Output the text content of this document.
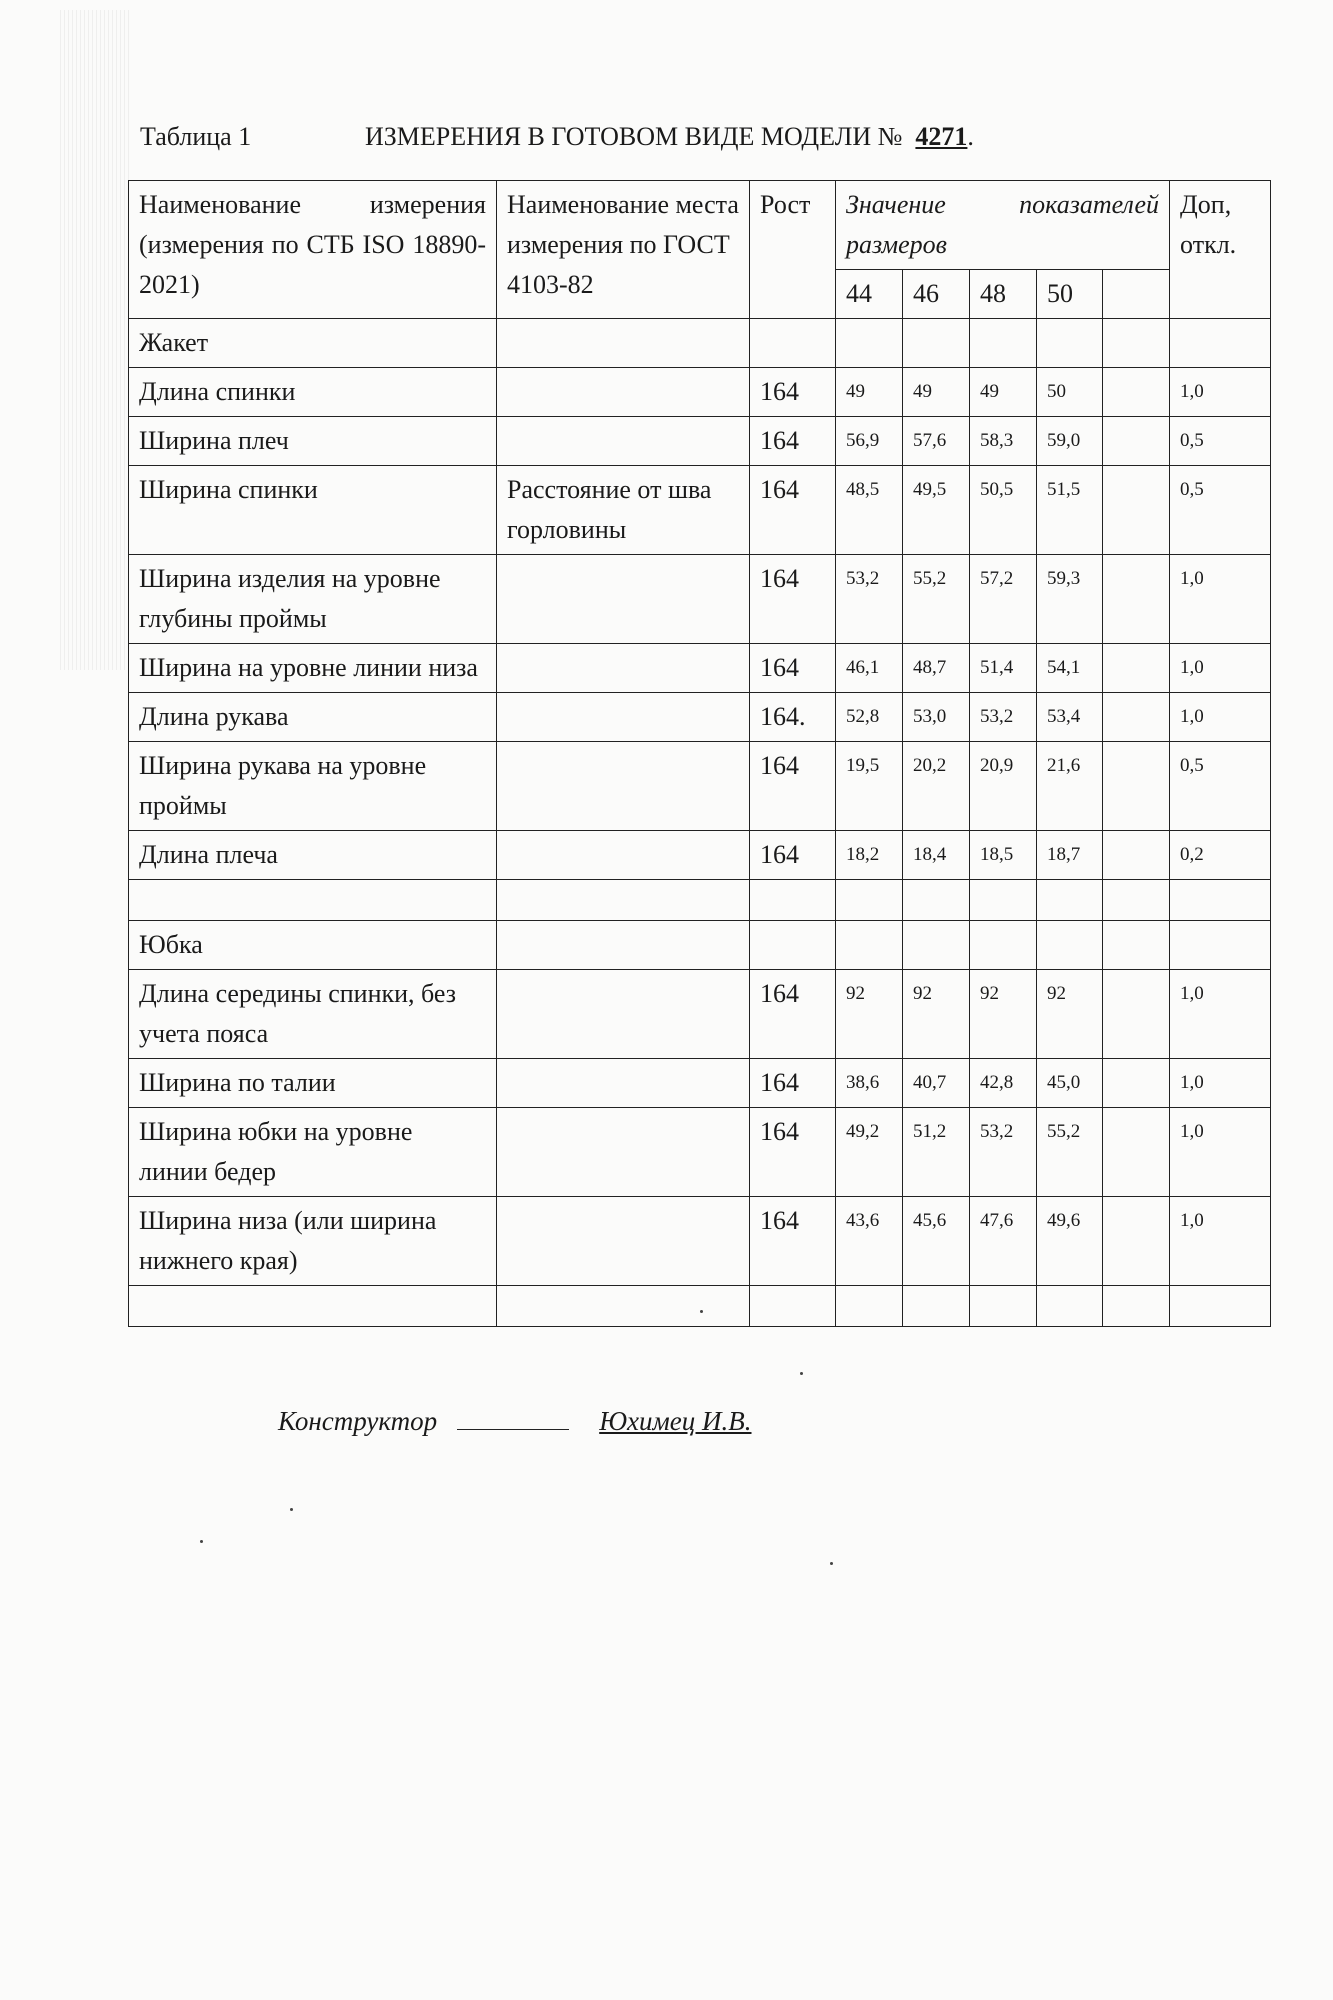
Таблица 1	ИЗМЕРЕНИЯ В ГОТОВОМ ВИДЕ МОДЕЛИ № 4271.
Наименование измерения (измерения по СТБ ISO 18890-2021)	Наименование места измерения по ГОСТ 4103-82	Рост	Значение показателей размеров					Доп, откл.
			44	46	48	50		
Жакет								
Длина спинки		164	49	49	49	50		1,0
Ширина плеч		164	56,9	57,6	58,3	59,0		0,5
Ширина спинки	Расстояние от шва горловины	164	48,5	49,5	50,5	51,5		0,5
Ширина изделия на уровне глубины проймы		164	53,2	55,2	57,2	59,3		1,0
Ширина на уровне линии низа		164	46,1	48,7	51,4	54,1		1,0
Длина рукава		164.	52,8	53,0	53,2	53,4		1,0
Ширина рукава на уровне проймы		164	19,5	20,2	20,9	21,6		0,5
Длина плеча		164	18,2	18,4	18,5	18,7		0,2

Юбка								
Длина середины спинки, без учета пояса		164	92	92	92	92		1,0
Ширина по талии		164	38,6	40,7	42,8	45,0		1,0
Ширина юбки на уровне линии бедер		164	49,2	51,2	53,2	55,2		1,0
Ширина низа (или ширина нижнего края)		164	43,6	45,6	47,6	49,6		1,0

Конструктор	Юхимец И.В.
